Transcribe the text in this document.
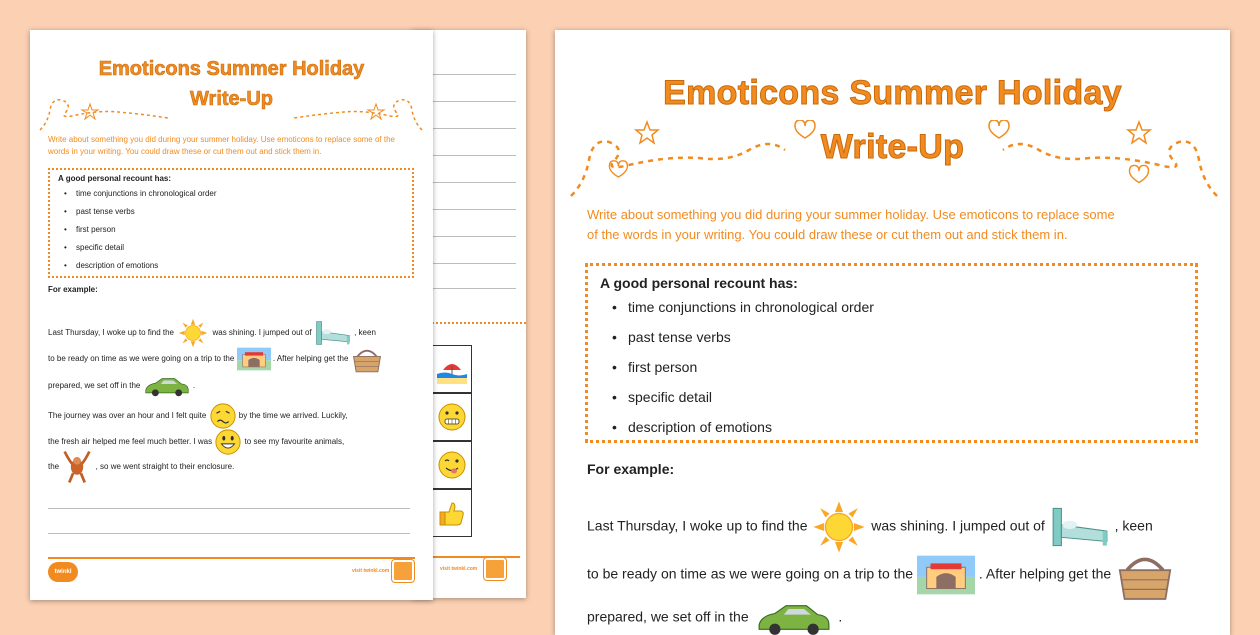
visit twinkl.com
Emoticons Summer Holiday
Write-Up
Write about something you did during your summer holiday. Use emoticons to replace some of the words in your writing. You could draw these or cut them out and stick them in.
A good personal recount has:
• time conjunctions in chronological order
• past tense verbs
• first person
• specific detail
• description of emotions
For example:
Last Thursday, I woke up to find the	was shining. I jumped out of	, keen
to be ready on time as we were going on a trip to the	. After helping get the
prepared, we set off in the	.
The journey was over an hour and I felt quite	by the time we arrived. Luckily,
the fresh air helped me feel much better. I was	to see my favourite animals,
the	, so we went straight to their enclosure.
twinkl	visit twinkl.com
Emoticons Summer Holiday
Write-Up
Write about something you did during your summer holiday. Use emoticons to replace some
of the words in your writing. You could draw these or cut them out and stick them in.
A good personal recount has:
• time conjunctions in chronological order
• past tense verbs
• first person
• specific detail
• description of emotions
For example:
Last Thursday, I woke up to find the	was shining. I jumped out of	, keen
to be ready on time as we were going on a trip to the	. After helping get the
prepared, we set off in the	.
